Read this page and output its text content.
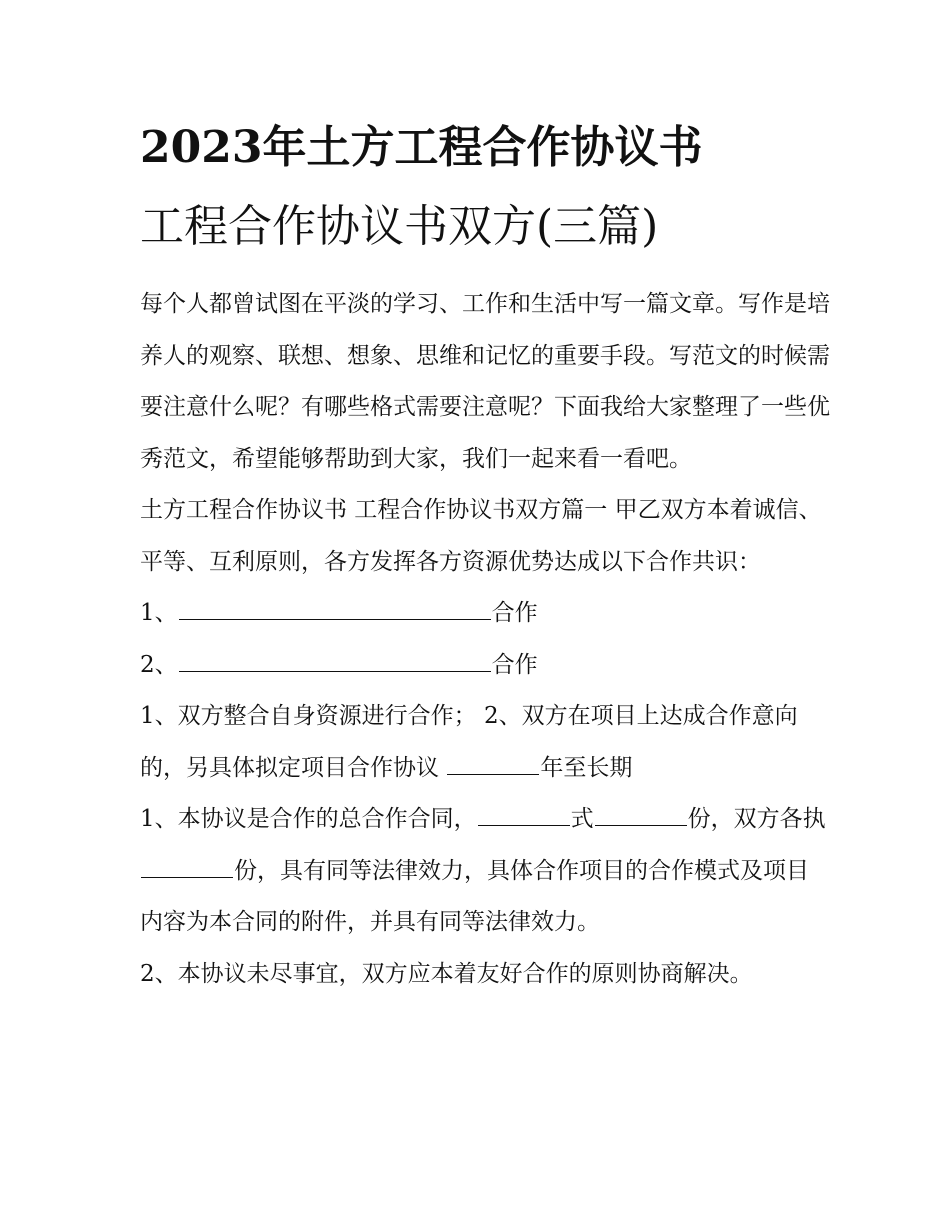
2023年土方工程合作协议书
工程合作协议书双方(三篇)

每个人都曾试图在平淡的学习、工作和生活中写一篇文章。写作是培养人的观察、联想、想象、思维和记忆的重要手段。写范文的时候需要注意什么呢？有哪些格式需要注意呢？下面我给大家整理了一些优秀范文，希望能够帮助到大家，我们一起来看一看吧。

土方工程合作协议书 工程合作协议书双方篇一 甲乙双方本着诚信、平等、互利原则，各方发挥各方资源优势达成以下合作共识：

1、	合作

2、	合作

1、双方整合自身资源进行合作； 2、双方在项目上达成合作意向的，另具体拟定项目合作协议	年至长期

1、本协议是合作的总合作合同，	式	份，双方各执份，具有同等法律效力，具体合作项目的合作模式及项目内容为本合同的附件，并具有同等法律效力。

2、本协议未尽事宜，双方应本着友好合作的原则协商解决。
